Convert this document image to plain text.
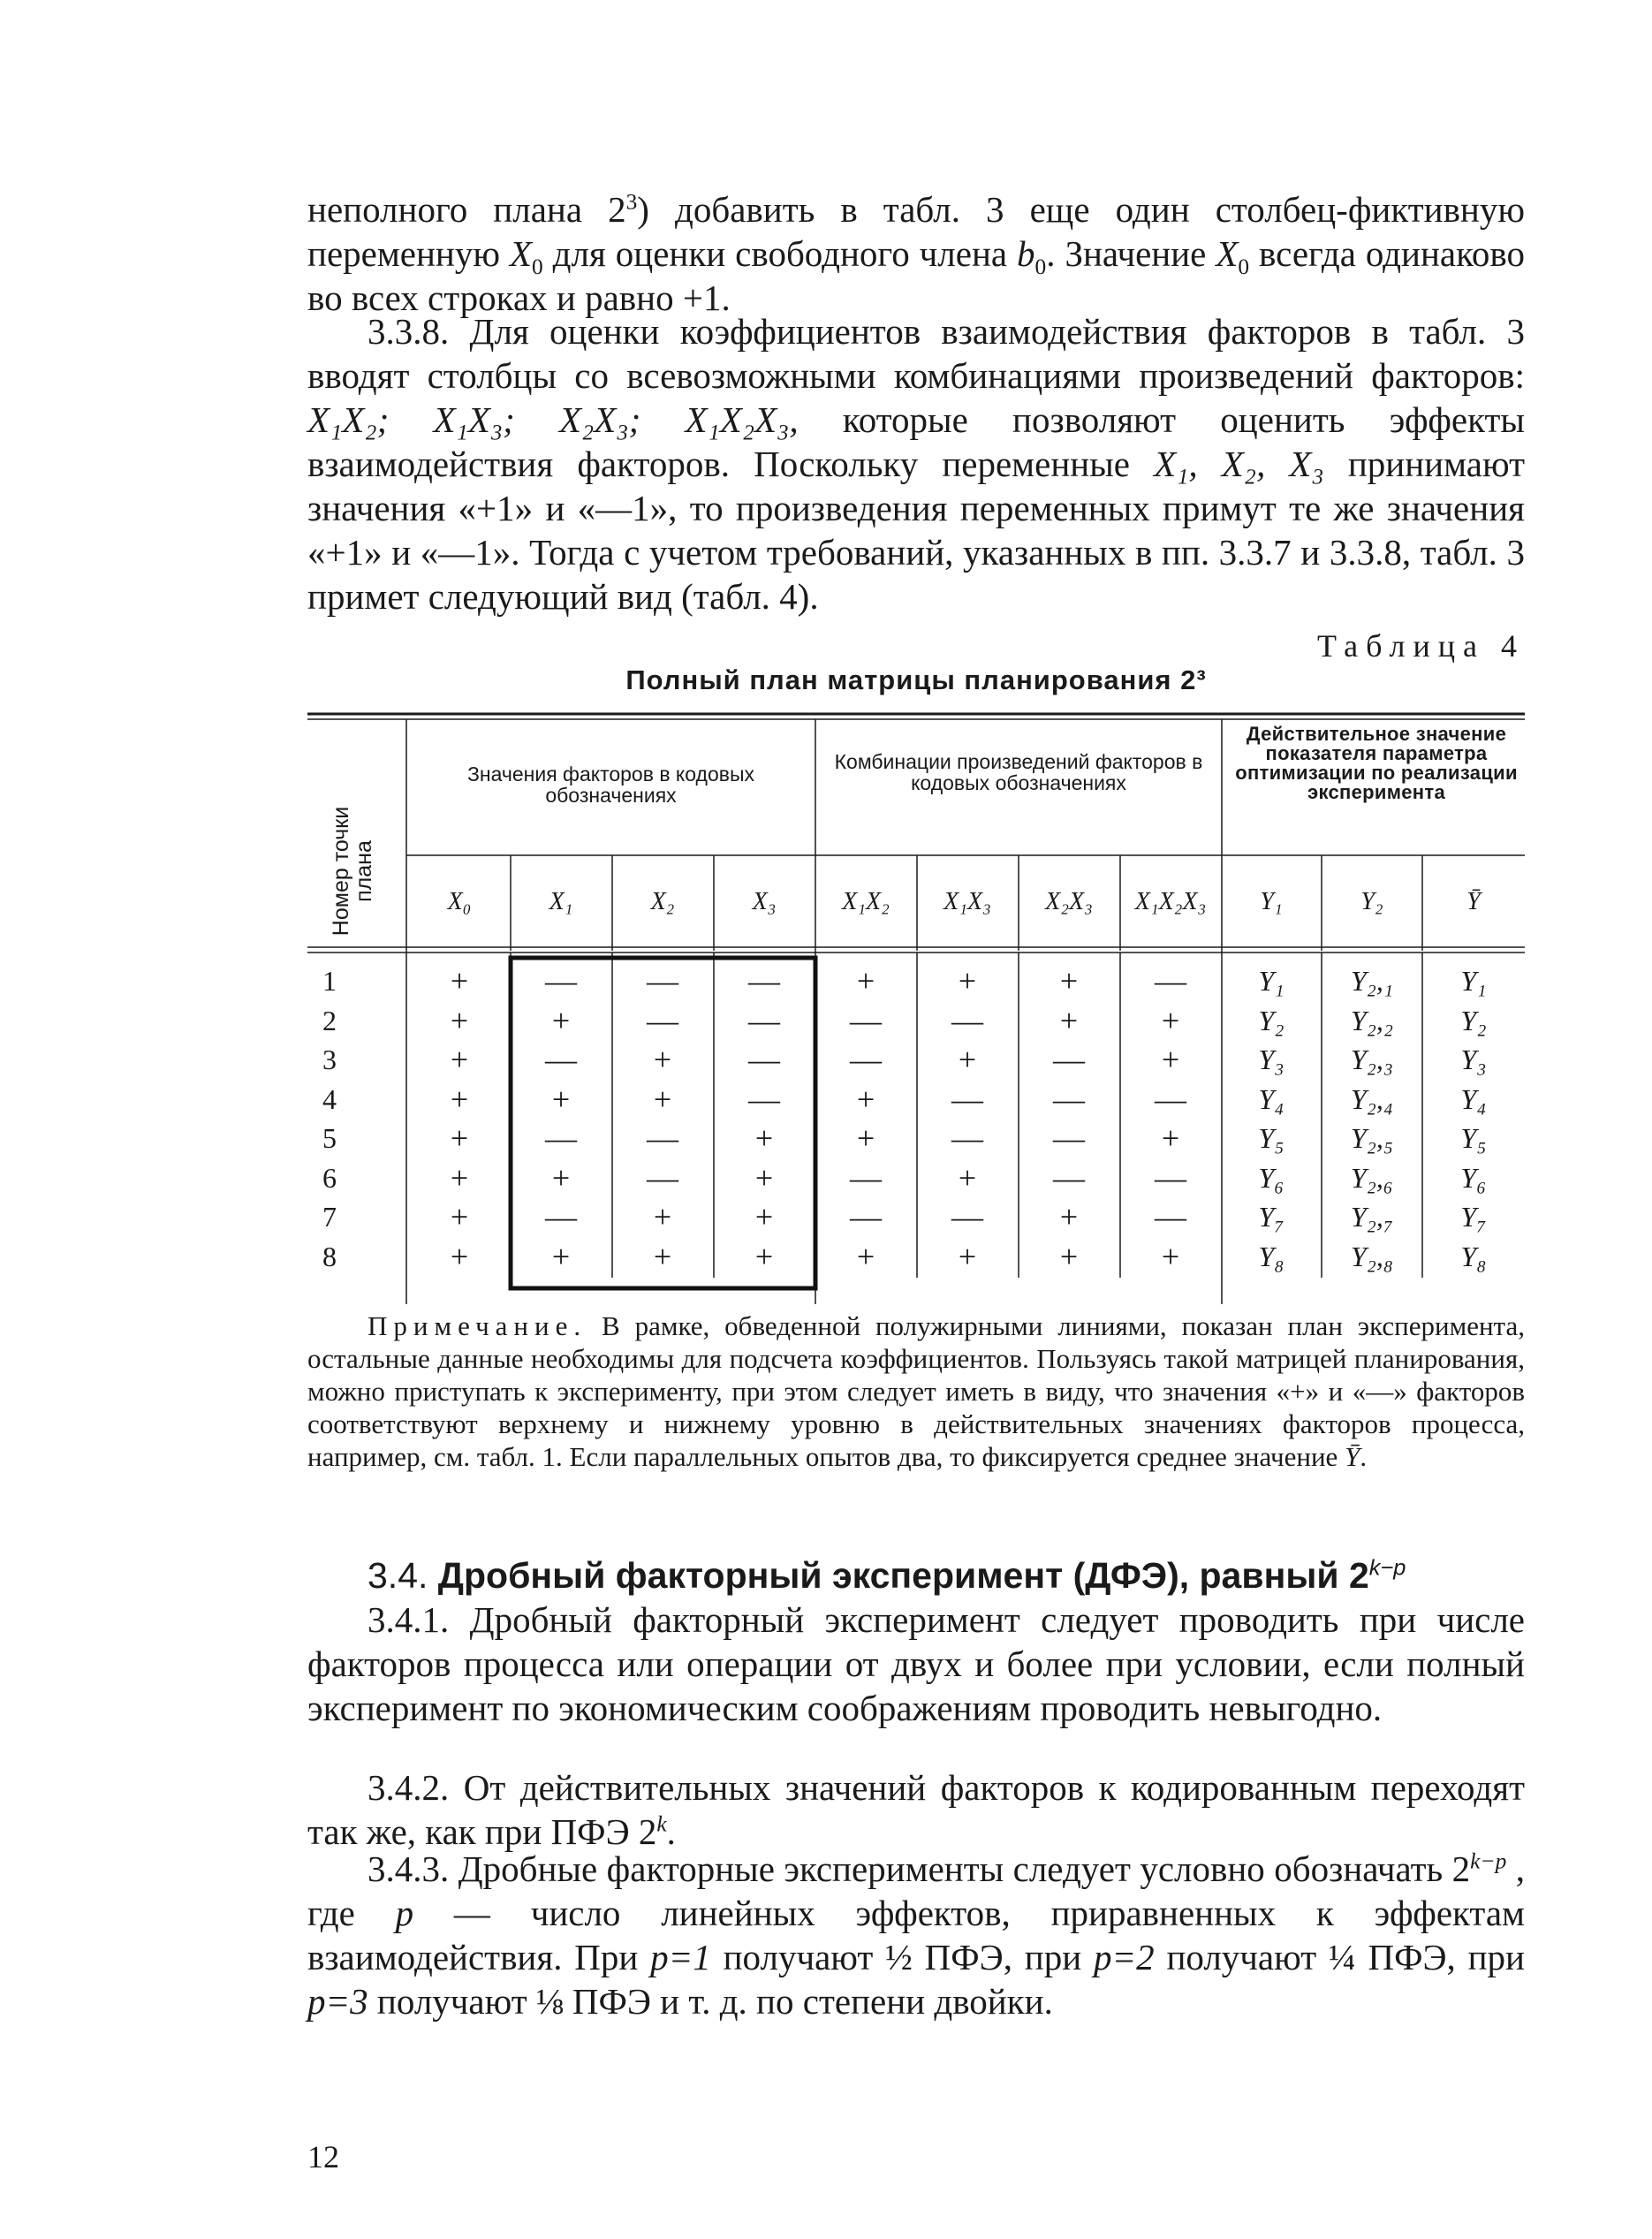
неполного плана $2^3$) добавить в табл. 3 еще один столбец-фиктивную переменную $X_0$ для оценки свободного члена $b_0$. Значение $X_0$ всегда одинаково во всех строках и равно +1.

3.3.8. Для оценки коэффициентов взаимодействия факторов в табл. 3 вводят столбцы со всевозможными комбинациями произведений факторов: X₁X₂; X₁X₃; X₂X₃; X₁X₂X₃, которые позволяют оценить эффекты взаимодействия факторов. Поскольку переменные X₁, X₂, X₃ принимают значения «+1» и «—1», то произведения переменных примут те же значения «+1» и «—1». Тогда с учетом требований, указанных в пп. 3.3.7 и 3.3.8, табл. 3 примет следующий вид (табл. 4).

Таблица 4
Полный план матрицы планирования 2³
Номер точки плана
Значения факторов в кодовых обозначениях
Комбинации произведений факторов в кодовых обозначениях
Действительное значение показателя параметра оптимизации по реализации эксперимента
X₀	X₁	X₂	X₃	X₁X₂	X₁X₃	X₂X₃	X₁X₂X₃	Y₁	Y₂	Ȳ
1	+	—	—	—	+	+	+	—	Y₁	Y₂,₁	Y₁
2	+	+	—	—	—	—	+	+	Y₂	Y₂,₂	Y₂
3	+	—	+	—	—	+	—	+	Y₃	Y₂,₃	Y₃
4	+	+	+	—	+	—	—	—	Y₄	Y₂,₄	Y₄
5	+	—	—	+	+	—	—	+	Y₅	Y₂,₅	Y₅
6	+	+	—	+	—	+	—	—	Y₆	Y₂,₆	Y₆
7	+	—	+	+	—	—	+	—	Y₇	Y₂,₇	Y₇
8	+	+	+	+	+	+	+	+	Y₈	Y₂,₈	Y₈

Примечание. В рамке, обведенной полужирными линиями, показан план эксперимента, остальные данные необходимы для подсчета коэффициентов. Пользуясь такой матрицей планирования, можно приступать к эксперименту, при этом следует иметь в виду, что значения «+» и «—» факторов соответствуют верхнему и нижнему уровню в действительных значениях факторов процесса, например, см. табл. 1. Если параллельных опытов два, то фиксируется среднее значение Ȳ.

3.4. Дробный факторный эксперимент (ДФЭ), равный $2^{k-p}$

3.4.1. Дробный факторный эксперимент следует проводить при числе факторов процесса или операции от двух и более при условии, если полный эксперимент по экономическим соображениям проводить невыгодно.

3.4.2. От действительных значений факторов к кодированным переходят так же, как при ПФЭ 2$^k$.

3.4.3. Дробные факторные эксперименты следует условно обозначать $2^{k-p}$ , где p — число линейных эффектов, приравненных к эффектам взаимодействия. При p=1 получают ½ ПФЭ, при p=2 получают ¼ ПФЭ, при p=3 получают ⅛ ПФЭ и т. д. по степени двойки.

12
